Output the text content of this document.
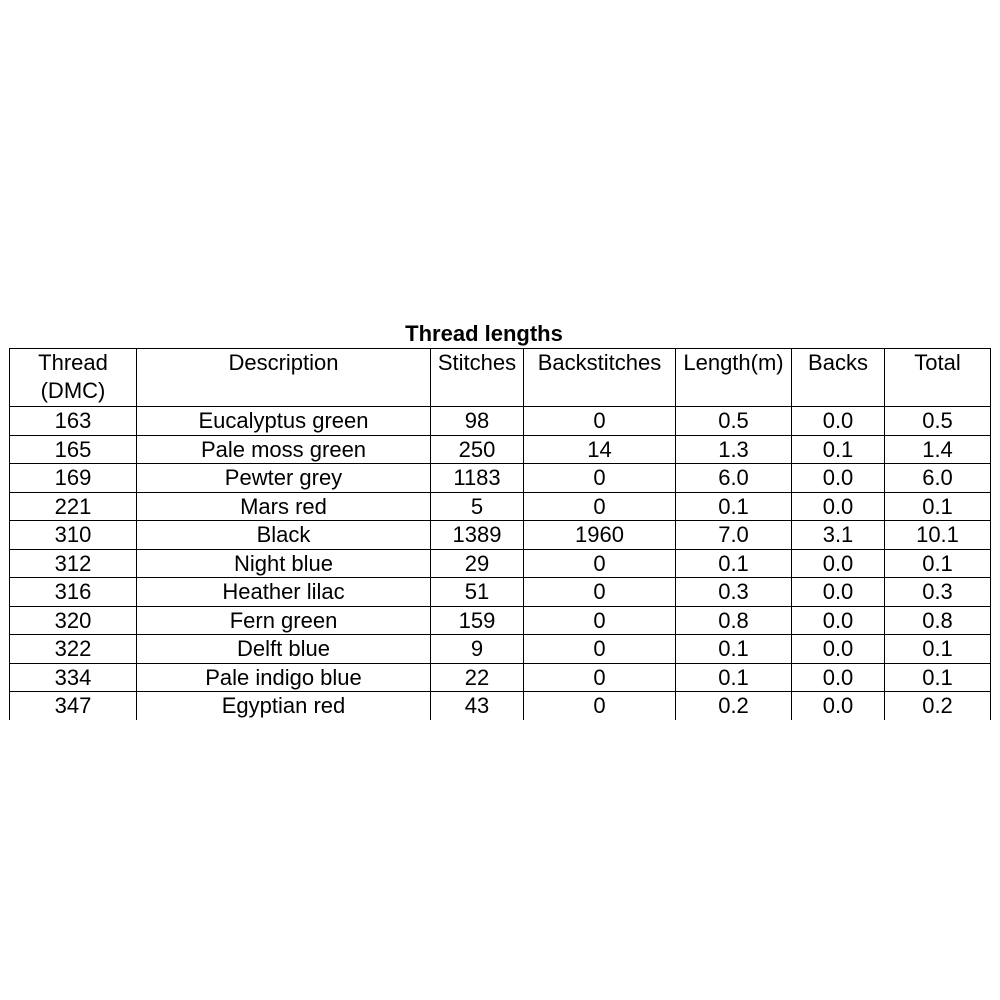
Thread lengths
Thread (DMC)	Description	Stitches	Backstitches	Length(m)	Backs	Total
163	Eucalyptus green	98	0	0.5	0.0	0.5
165	Pale moss green	250	14	1.3	0.1	1.4
169	Pewter grey	1183	0	6.0	0.0	6.0
221	Mars red	5	0	0.1	0.0	0.1
310	Black	1389	1960	7.0	3.1	10.1
312	Night blue	29	0	0.1	0.0	0.1
316	Heather lilac	51	0	0.3	0.0	0.3
320	Fern green	159	0	0.8	0.0	0.8
322	Delft blue	9	0	0.1	0.0	0.1
334	Pale indigo blue	22	0	0.1	0.0	0.1
347	Egyptian red	43	0	0.2	0.0	0.2
